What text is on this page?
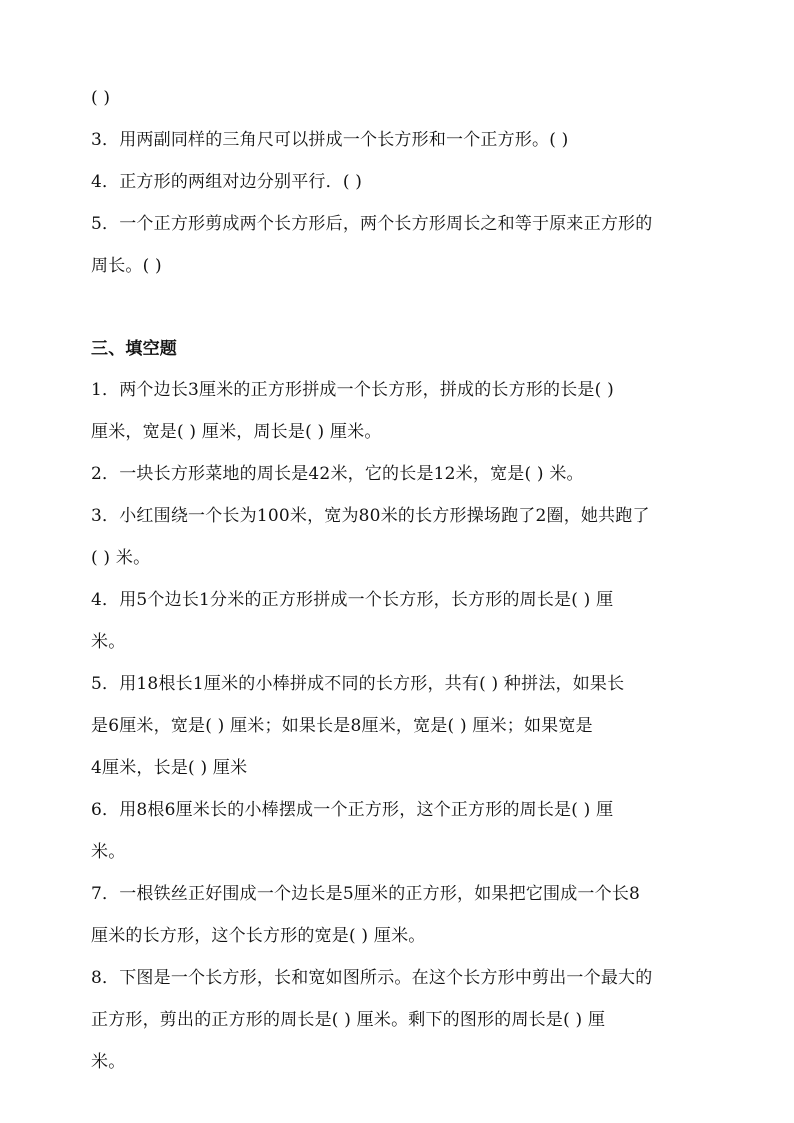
( )
3．用两副同样的三角尺可以拼成一个长方形和一个正方形。( )
4．正方形的两组对边分别平行．( )
5．一个正方形剪成两个长方形后，两个长方形周长之和等于原来正方形的
周长。( )
三、填空题
1．两个边长3厘米的正方形拼成一个长方形，拼成的长方形的长是( )
厘米，宽是( ) 厘米，周长是( ) 厘米。
2．一块长方形菜地的周长是42米，它的长是12米，宽是( ) 米。
3．小红围绕一个长为100米，宽为80米的长方形操场跑了2圈，她共跑了
( ) 米。
4．用5个边长1分米的正方形拼成一个长方形，长方形的周长是( ) 厘
米。
5．用18根长1厘米的小棒拼成不同的长方形，共有( ) 种拼法，如果长
是6厘米，宽是( ) 厘米；如果长是8厘米，宽是( ) 厘米；如果宽是
4厘米，长是( ) 厘米
6．用8根6厘米长的小棒摆成一个正方形，这个正方形的周长是( ) 厘
米。
7．一根铁丝正好围成一个边长是5厘米的正方形，如果把它围成一个长8
厘米的长方形，这个长方形的宽是( ) 厘米。
8．下图是一个长方形，长和宽如图所示。在这个长方形中剪出一个最大的
正方形，剪出的正方形的周长是( ) 厘米。剩下的图形的周长是( ) 厘
米。
